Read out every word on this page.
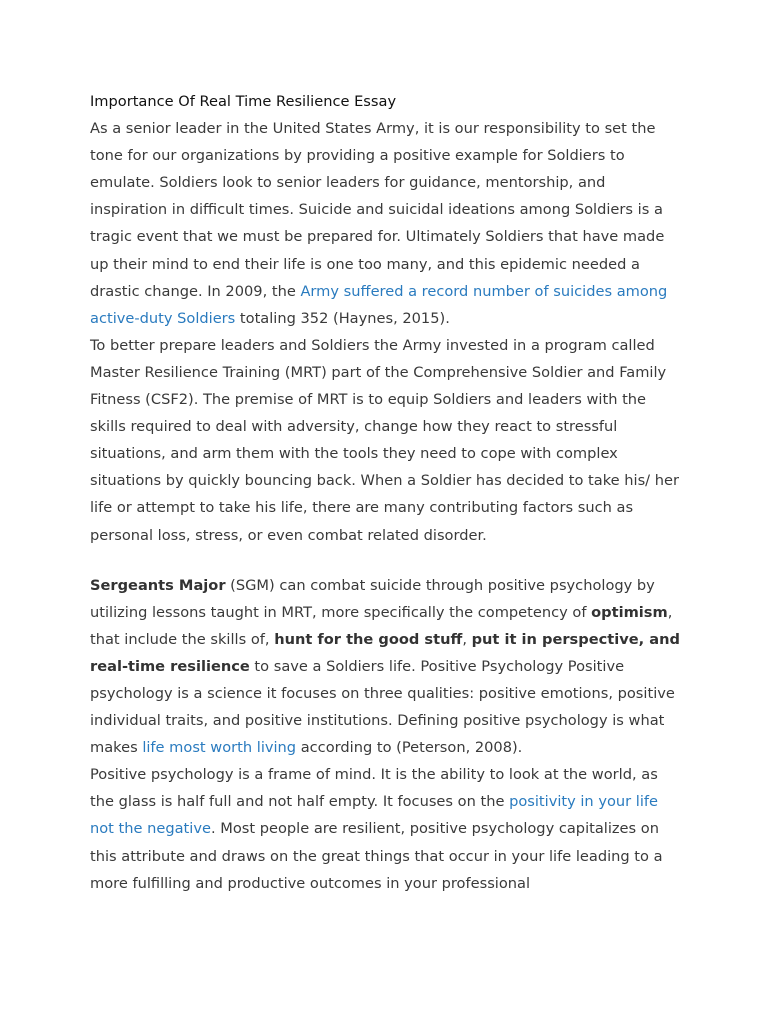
Importance Of Real Time Resilience Essay

As a senior leader in the United States Army, it is our responsibility to set the tone for our organizations by providing a positive example for Soldiers to emulate. Soldiers look to senior leaders for guidance, mentorship, and inspiration in difficult times. Suicide and suicidal ideations among Soldiers is a tragic event that we must be prepared for. Ultimately Soldiers that have made up their mind to end their life is one too many, and this epidemic needed a drastic change. In 2009, the Army suffered a record number of suicides among active-duty Soldiers totaling 352 (Haynes, 2015).

To better prepare leaders and Soldiers the Army invested in a program called Master Resilience Training (MRT) part of the Comprehensive Soldier and Family Fitness (CSF2). The premise of MRT is to equip Soldiers and leaders with the skills required to deal with adversity, change how they react to stressful situations, and arm them with the tools they need to cope with complex situations by quickly bouncing back. When a Soldier has decided to take his/ her life or attempt to take his life, there are many contributing factors such as personal loss, stress, or even combat related disorder.

Sergeants Major (SGM) can combat suicide through positive psychology by utilizing lessons taught in MRT, more specifically the competency of optimism, that include the skills of, hunt for the good stuff, put it in perspective, and real-time resilience to save a Soldiers life. Positive Psychology Positive psychology is a science it focuses on three qualities: positive emotions, positive individual traits, and positive institutions. Defining positive psychology is what makes life most worth living according to (Peterson, 2008).

Positive psychology is a frame of mind. It is the ability to look at the world, as the glass is half full and not half empty. It focuses on the positivity in your life not the negative. Most people are resilient, positive psychology capitalizes on this attribute and draws on the great things that occur in your life leading to a more fulfilling and productive outcomes in your professional
